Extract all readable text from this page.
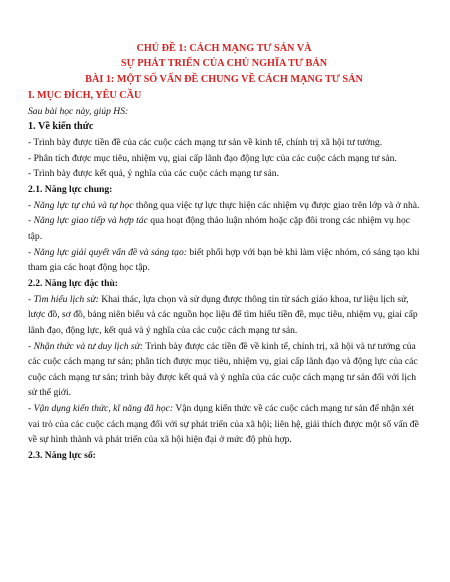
CHỦ ĐỀ 1: CÁCH MẠNG TƯ SẢN VÀ

SỰ PHÁT TRIỂN CỦA CHỦ NGHĨA TƯ BẢN

BÀI 1: MỘT SỐ VẤN ĐỀ CHUNG VỀ CÁCH MẠNG TƯ SẢN

I. MỤC ĐÍCH, YÊU CẦU

Sau bài học này, giúp HS:

1. Về kiến thức

- Trình bày được tiền đề của các cuộc cách mạng tư sản về kinh tế, chính trị xã hội tư tưởng.

- Phân tích được mục tiêu, nhiệm vụ, giai cấp lãnh đạo động lực của các cuộc cách mạng tư sản.

- Trình bày được kết quả, ý nghĩa của các cuộc cách mạng tư sản.

2.1. Năng lực chung:

- Năng lực tự chủ và tự học thông qua việc tự lực thực hiện các nhiệm vụ được giao trên lớp và ở nhà.

- Năng lực giao tiếp và hợp tác qua hoạt động thảo luận nhóm hoặc cặp đôi trong các nhiệm vụ học tập.

- Năng lực giải quyết vấn đề và sáng tạo: biết phối hợp với bạn bè khi làm việc nhóm, có sáng tạo khi tham gia các hoạt động học tập.

2.2. Năng lực đặc thù:

- Tìm hiểu lịch sử: Khai thác, lựa chọn và sử dụng được thông tin từ sách giáo khoa, tư liệu lịch sử, lược đồ, sơ đồ, bảng niên biểu và các nguồn học liệu để tìm hiểu tiền đề, mục tiêu, nhiệm vụ, giai cấp lãnh đạo, động lực, kết quả và ý nghĩa của các cuộc cách mạng tư sản.

- Nhận thức và tư duy lịch sử: Trình bày được các tiền đề về kinh tế, chính trị, xã hội và tư tưởng của các cuộc cách mạng tư sản; phân tích được mục tiêu, nhiệm vụ, giai cấp lãnh đạo và động lực của các cuộc cách mạng tư sản; trình bày được kết quả và ý nghĩa của các cuộc cách mạng tư sản đối với lịch sử thế giới.

- Vận dụng kiến thức, kĩ năng đã học: Vận dụng kiến thức về các cuộc cách mạng tư sản để nhận xét vai trò của các cuộc cách mạng đối với sự phát triển của xã hội; liên hệ, giải thích được một số vấn đề về sự hình thành và phát triển của xã hội hiện đại ở mức độ phù hợp.

2.3. Năng lực số:
